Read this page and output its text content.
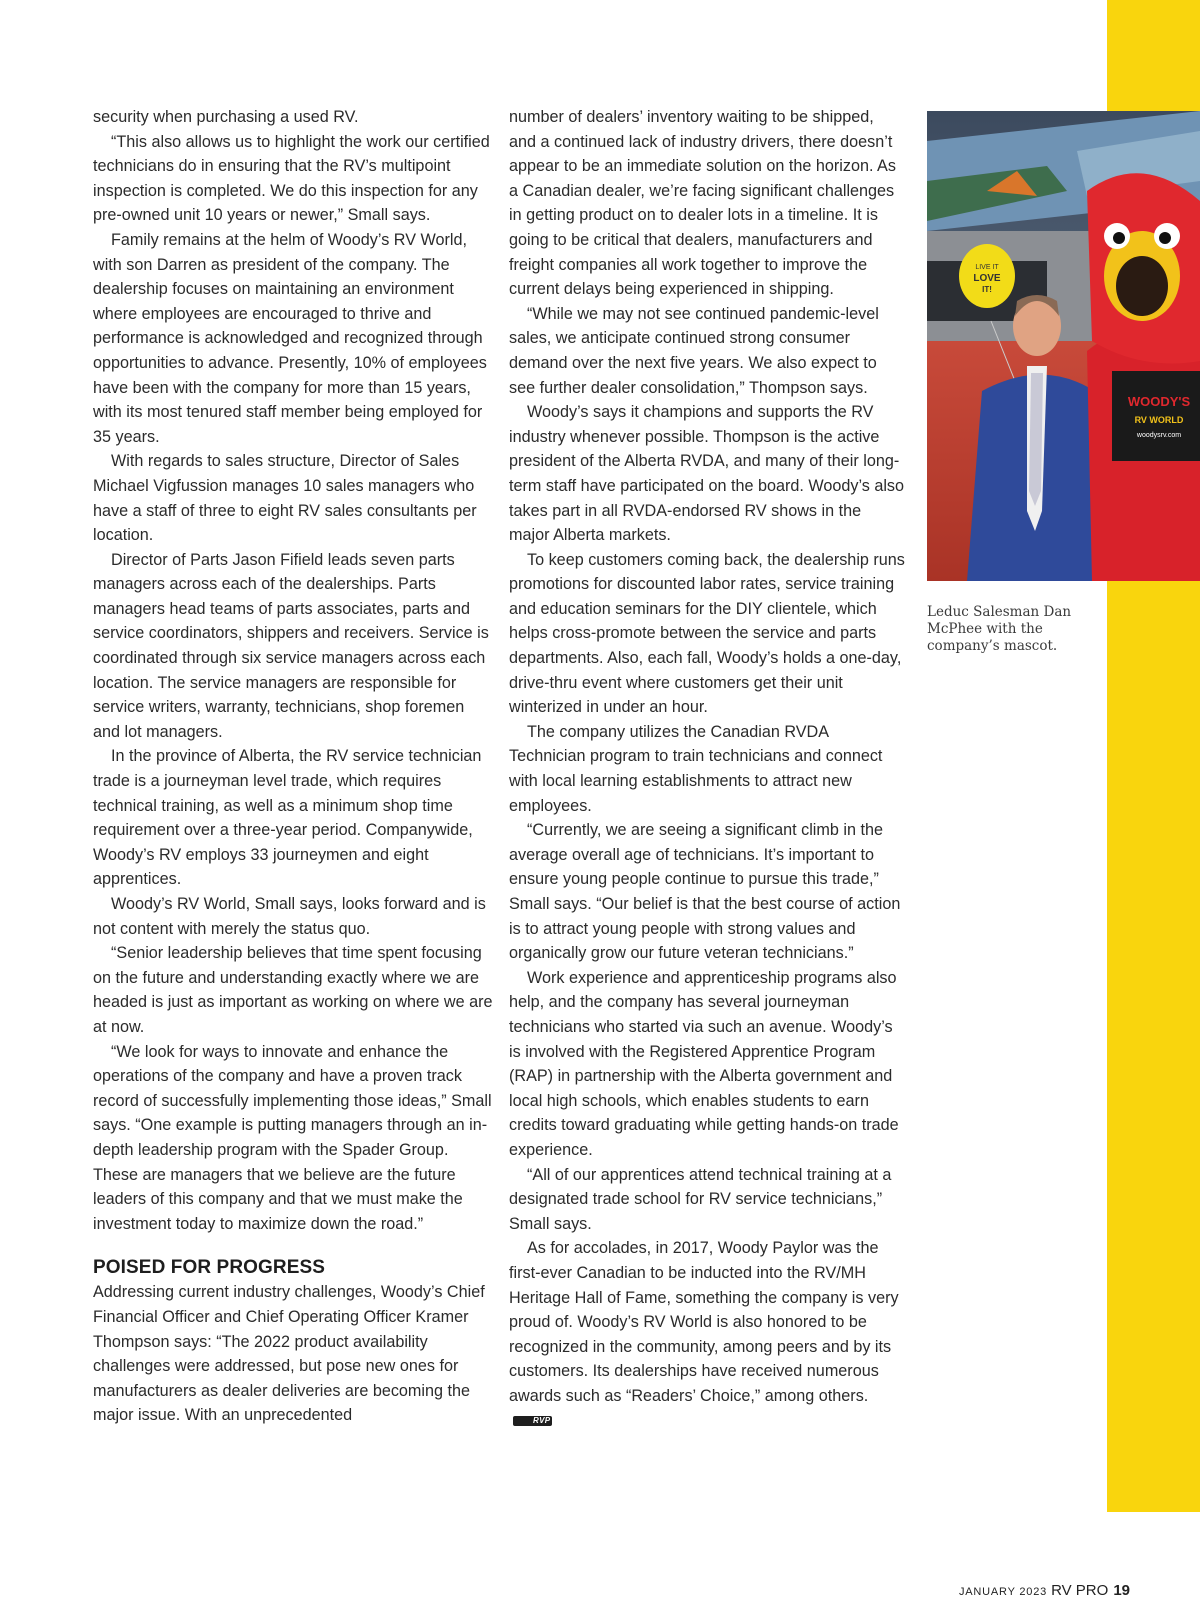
security when purchasing a used RV.

“This also allows us to highlight the work our certified technicians do in ensuring that the RV’s multipoint inspection is completed. We do this inspection for any pre-owned unit 10 years or newer,” Small says.

Family remains at the helm of Woody’s RV World, with son Darren as president of the company. The dealership focuses on maintaining an environment where employees are encouraged to thrive and performance is acknowledged and recognized through opportunities to advance. Presently, 10% of employees have been with the company for more than 15 years, with its most tenured staff member being employed for 35 years.

With regards to sales structure, Director of Sales Michael Vigfussion manages 10 sales managers who have a staff of three to eight RV sales consultants per location.

Director of Parts Jason Fifield leads seven parts managers across each of the dealerships. Parts managers head teams of parts associates, parts and service coordinators, shippers and receivers. Service is coordinated through six service managers across each location. The service managers are responsible for service writers, warranty, technicians, shop foremen and lot managers.

In the province of Alberta, the RV service technician trade is a journeyman level trade, which requires technical training, as well as a minimum shop time requirement over a three-year period. Companywide, Woody’s RV employs 33 journeymen and eight apprentices.

Woody’s RV World, Small says, looks forward and is not content with merely the status quo.

“Senior leadership believes that time spent focusing on the future and understanding exactly where we are headed is just as important as working on where we are at now.

“We look for ways to innovate and enhance the operations of the company and have a proven track record of successfully implementing those ideas,” Small says. “One example is putting managers through an in-depth leadership program with the Spader Group. These are managers that we believe are the future leaders of this company and that we must make the investment today to maximize down the road.”

POISED FOR PROGRESS

Addressing current industry challenges, Woody’s Chief Financial Officer and Chief Operating Officer Kramer Thompson says: “The 2022 product availability challenges were addressed, but pose new ones for manufacturers as dealer deliveries are becoming the major issue. With an unprecedented

number of dealers’ inventory waiting to be shipped, and a continued lack of industry drivers, there doesn’t appear to be an immediate solution on the horizon. As a Canadian dealer, we’re facing significant challenges in getting product on to dealer lots in a timeline. It is going to be critical that dealers, manufacturers and freight companies all work together to improve the current delays being experienced in shipping.

“While we may not see continued pandemic-level sales, we anticipate continued strong consumer demand over the next five years. We also expect to see further dealer consolidation,” Thompson says.

Woody’s says it champions and supports the RV industry whenever possible. Thompson is the active president of the Alberta RVDA, and many of their long-term staff have participated on the board. Woody’s also takes part in all RVDA-endorsed RV shows in the major Alberta markets.

To keep customers coming back, the dealership runs promotions for discounted labor rates, service training and education seminars for the DIY clientele, which helps cross-promote between the service and parts departments. Also, each fall, Woody’s holds a one-day, drive-thru event where customers get their unit winterized in under an hour.

The company utilizes the Canadian RVDA Technician program to train technicians and connect with local learning establishments to attract new employees.

“Currently, we are seeing a significant climb in the average overall age of technicians. It’s important to ensure young people continue to pursue this trade,” Small says. “Our belief is that the best course of action is to attract young people with strong values and organically grow our future veteran technicians.”

Work experience and apprenticeship programs also help, and the company has several journeyman technicians who started via such an avenue. Woody’s is involved with the Registered Apprentice Program (RAP) in partnership with the Alberta government and local high schools, which enables students to earn credits toward graduating while getting hands-on trade experience.

“All of our apprentices attend technical training at a designated trade school for RV service technicians,” Small says.

As for accolades, in 2017, Woody Paylor was the first-ever Canadian to be inducted into the RV/MH Heritage Hall of Fame, something the company is very proud of. Woody’s RV World is also honored to be recognized in the community, among peers and by its customers. Its dealerships have received numerous awards such as “Readers’ Choice,” among others.RVP

LIVE IT
LOVE
IT!
WOODY'S
RV WORLD
woodysrv.com
Leduc Salesman Dan McPhee with the company’s mascot.
JANUARY 2023 RV PRO 19
